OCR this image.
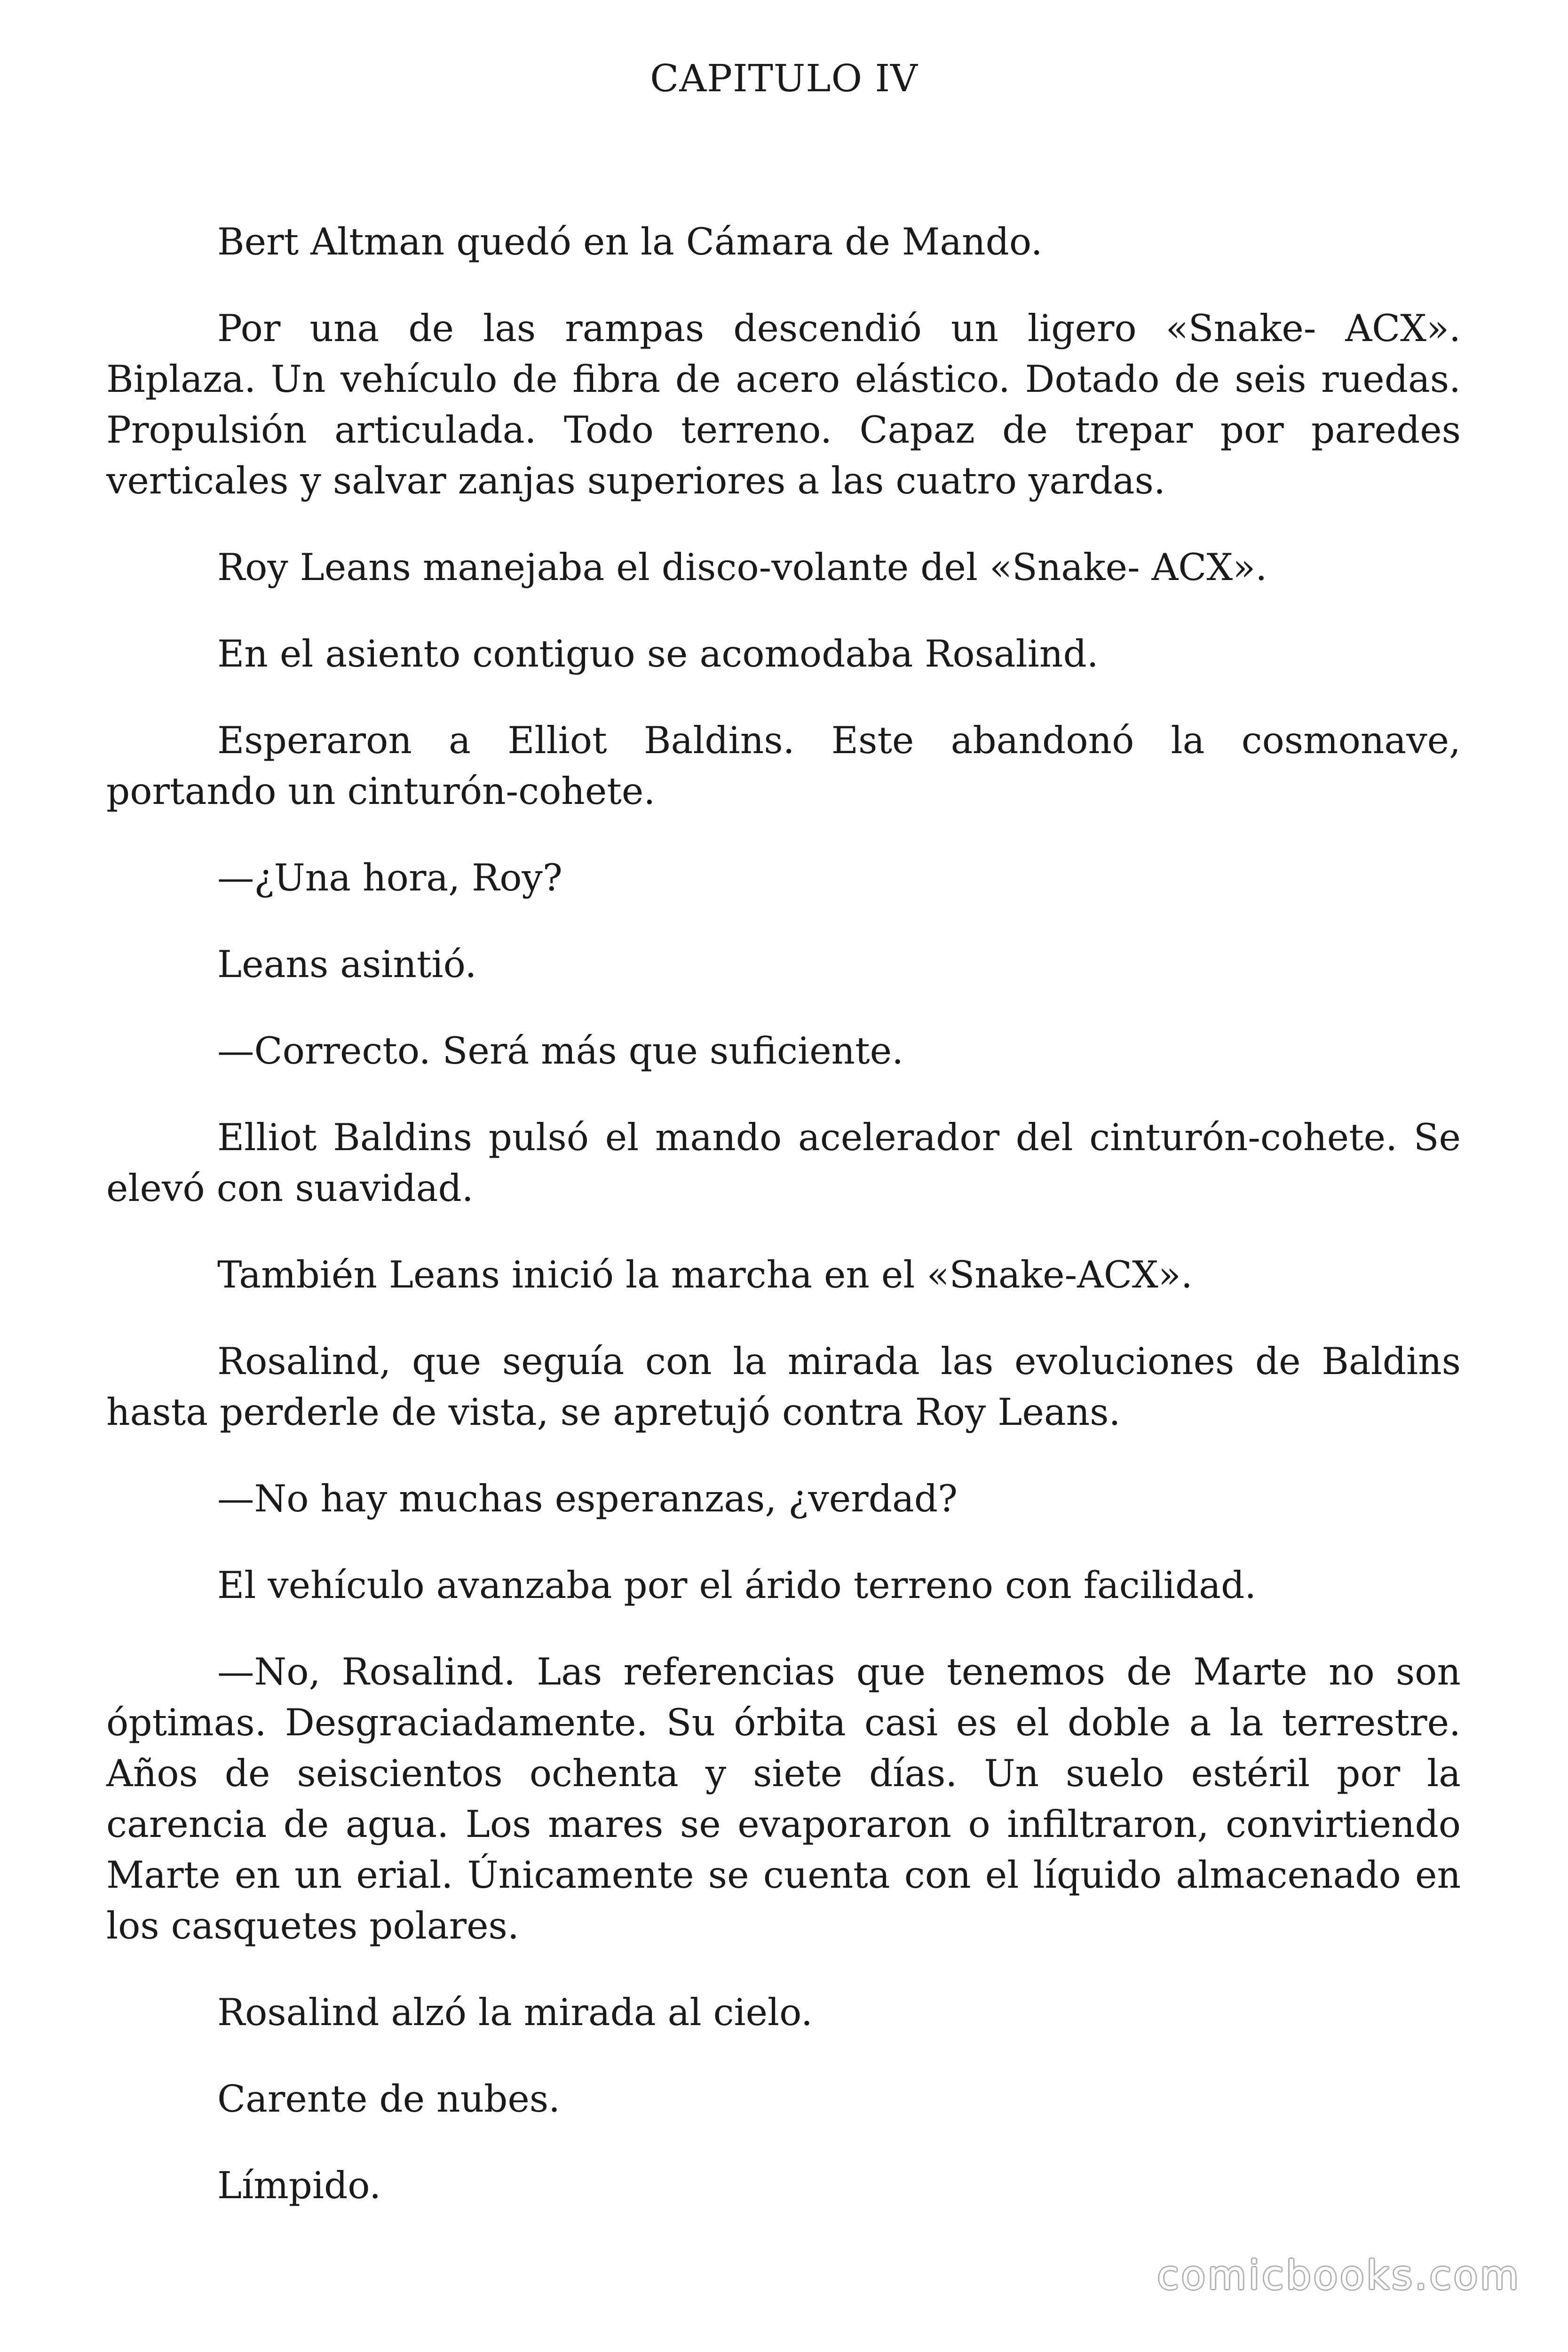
CAPITULO IV

Bert Altman quedó en la Cámara de Mando.

Por una de las rampas descendió un ligero «Snake- ACX». Biplaza. Un vehículo de fibra de acero elástico. Dotado de seis ruedas. Propulsión articulada. Todo terreno. Capaz de trepar por paredes verticales y salvar zanjas superiores a las cuatro yardas.

Roy Leans manejaba el disco-volante del «Snake- ACX».

En el asiento contiguo se acomodaba Rosalind.

Esperaron a Elliot Baldins. Este abandonó la cosmonave, portando un cinturón-cohete.

—¿Una hora, Roy?

Leans asintió.

—Correcto. Será más que suficiente.

Elliot Baldins pulsó el mando acelerador del cinturón-cohete. Se elevó con suavidad.

También Leans inició la marcha en el «Snake-ACX».

Rosalind, que seguía con la mirada las evoluciones de Baldins hasta perderle de vista, se apretujó contra Roy Leans.

—No hay muchas esperanzas, ¿verdad?

El vehículo avanzaba por el árido terreno con facilidad.

—No, Rosalind. Las referencias que tenemos de Marte no son óptimas. Desgraciadamente. Su órbita casi es el doble a la terrestre. Años de seiscientos ochenta y siete días. Un suelo estéril por la carencia de agua. Los mares se evaporaron o infiltraron, convirtiendo Marte en un erial. Únicamente se cuenta con el líquido almacenado en los casquetes polares.

Rosalind alzó la mirada al cielo.

Carente de nubes.

Límpido.

comicbooks.com
